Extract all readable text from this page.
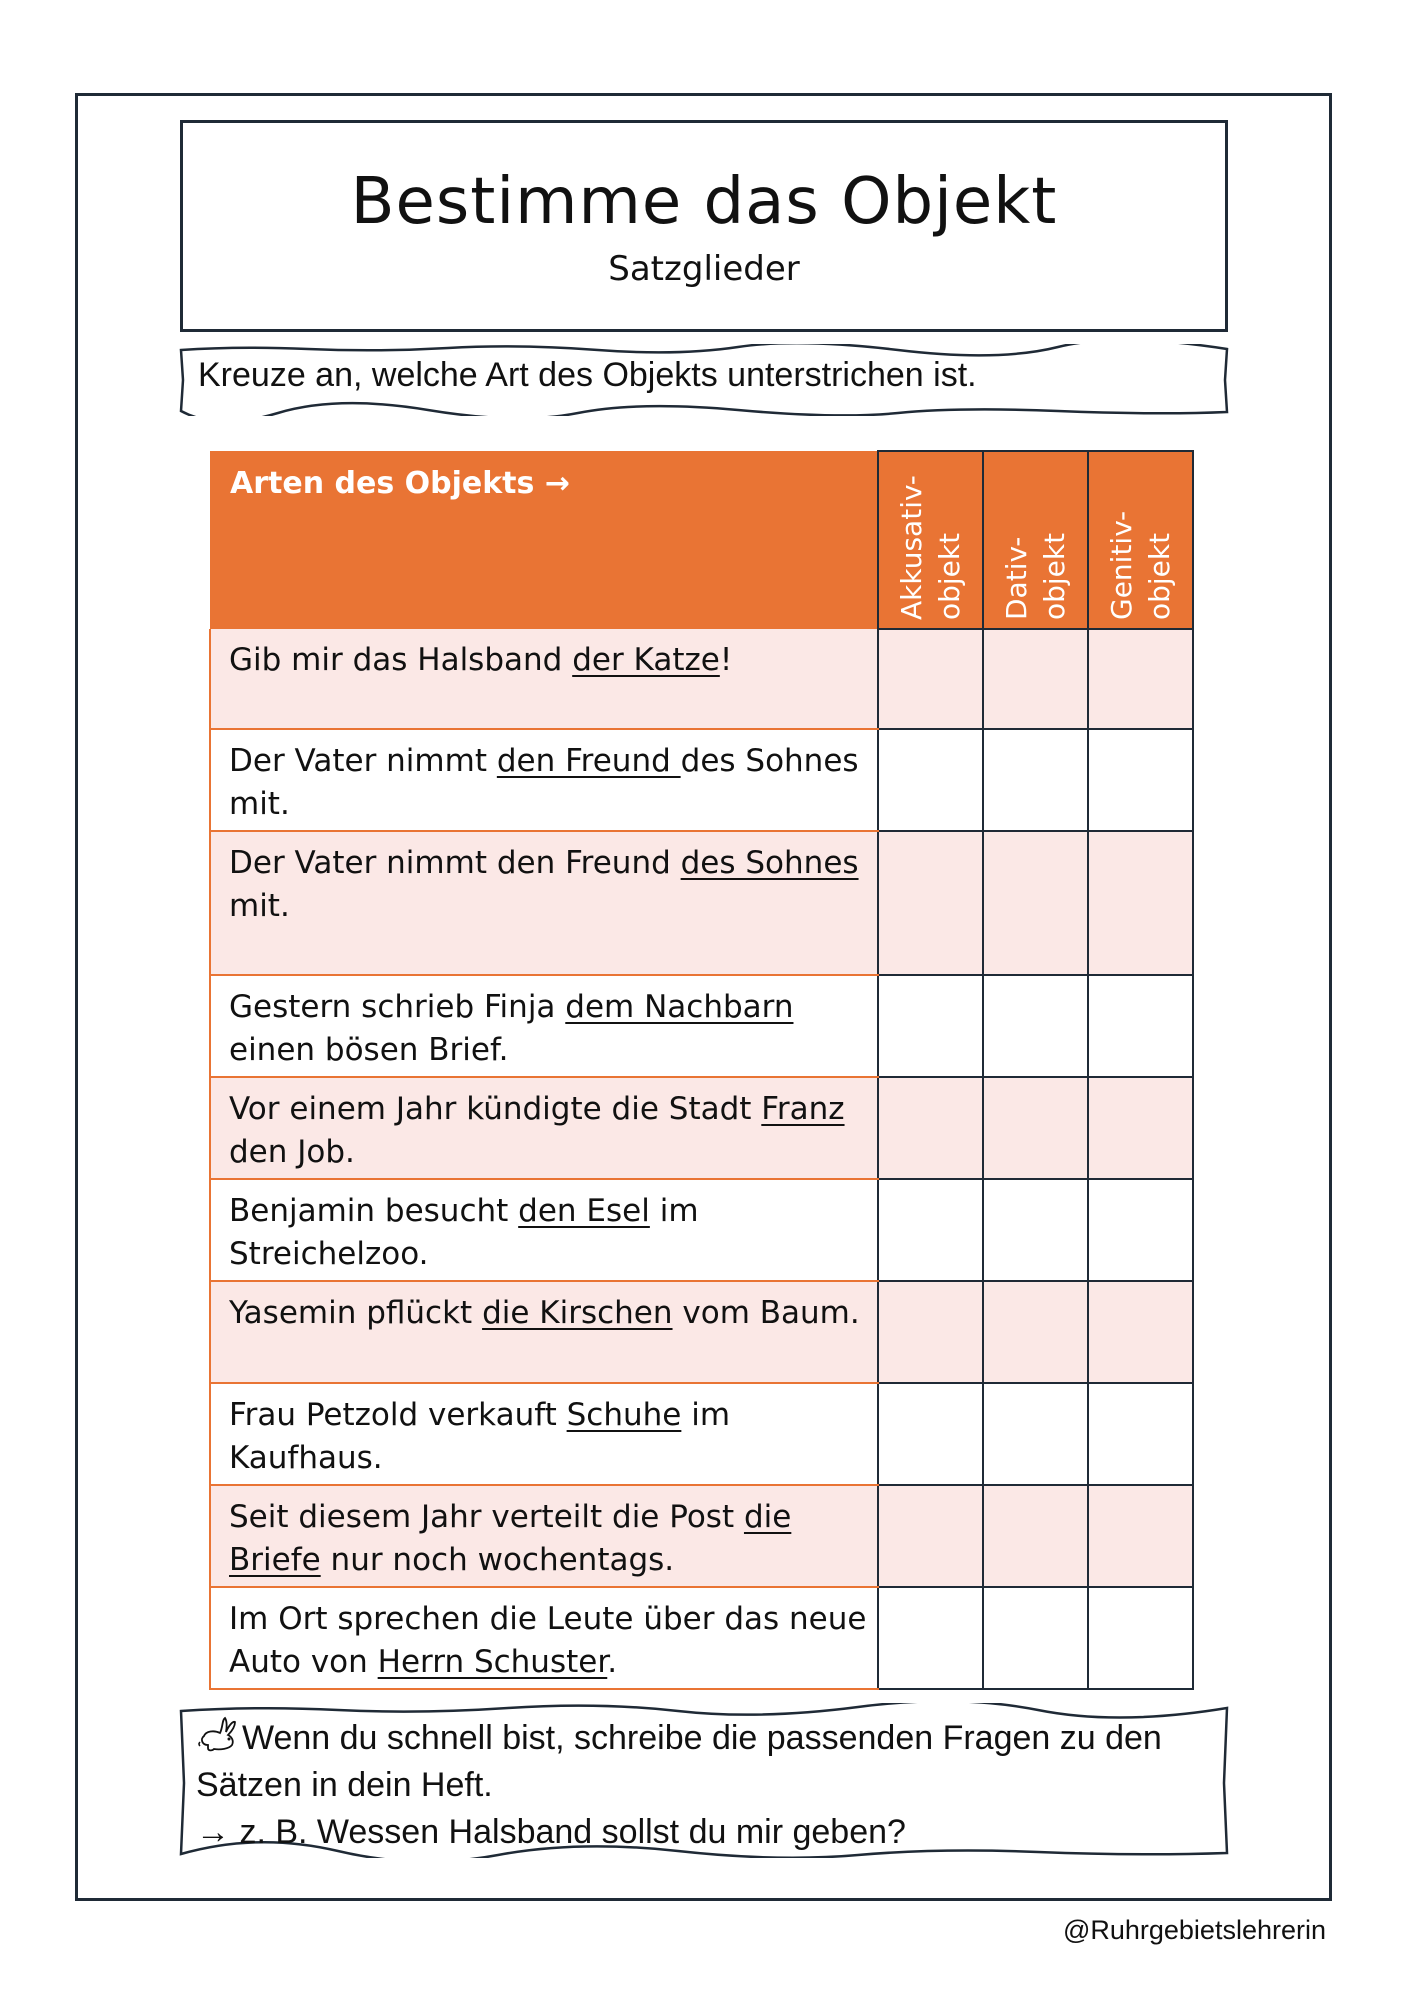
Bestimme das Objekt
Satzglieder
Kreuze an, welche Art des Objekts unterstrichen ist.
Arten des Objekts →	Akkusativ- objekt	Dativ- objekt	Genitiv- objekt

Gib mir das Halsband der Katze!			

Der Vater nimmt den Freund des Sohnes mit.			

Der Vater nimmt den Freund des Sohnes mit.			

Gestern schrieb Finja dem Nachbarn einen bösen Brief.			

Vor einem Jahr kündigte die Stadt Franz den Job.			

Benjamin besucht den Esel im Streichelzoo.			

Yasemin pflückt die Kirschen vom Baum.			

Frau Petzold verkauft Schuhe im Kaufhaus.			

Seit diesem Jahr verteilt die Post die Briefe nur noch wochentags.			

Im Ort sprechen die Leute über das neue Auto von Herrn Schuster.			

Wenn du schnell bist, schreibe die passenden Fragen zu den Sätzen in dein Heft.
→ z. B. Wessen Halsband sollst du mir geben?
@Ruhrgebietslehrerin
